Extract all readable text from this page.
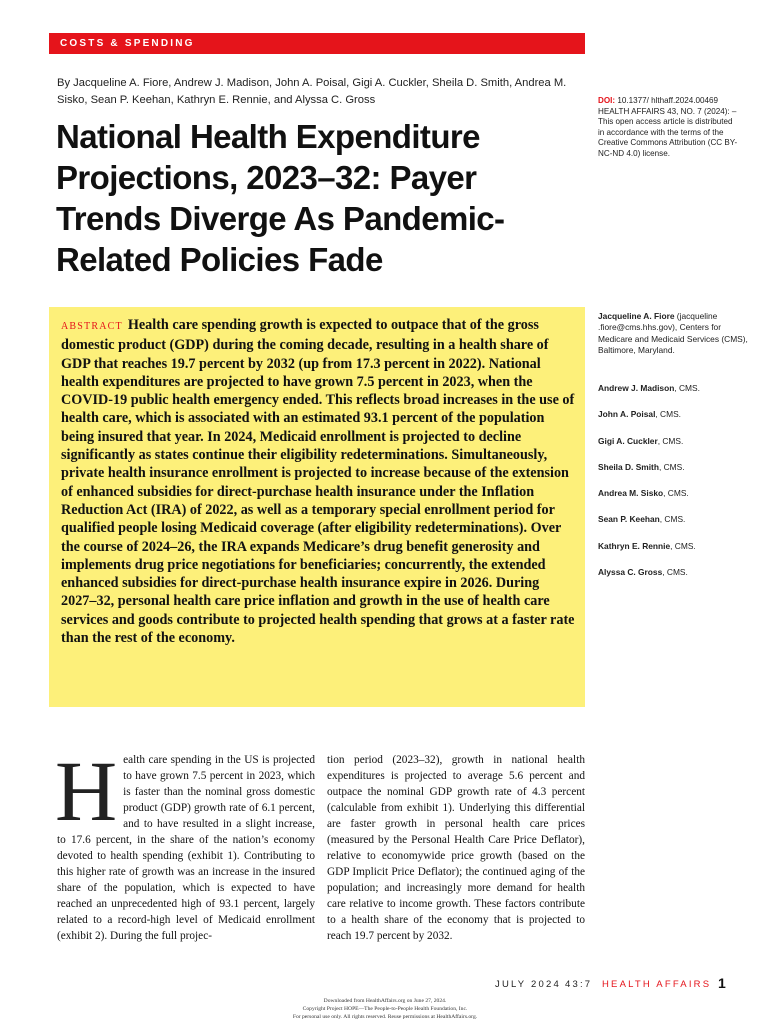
COSTS & SPENDING
By Jacqueline A. Fiore, Andrew J. Madison, John A. Poisal, Gigi A. Cuckler, Sheila D. Smith, Andrea M. Sisko, Sean P. Keehan, Kathryn E. Rennie, and Alyssa C. Gross
National Health Expenditure Projections, 2023–32: Payer Trends Diverge As Pandemic-Related Policies Fade

DOI: 10.1377/ hlthaff.2024.00469

HEALTH AFFAIRS 43, NO. 7 (2024): –

This open access article is distributed in accordance with the terms of the Creative Commons Attribution (CC BY-NC-ND 4.0) license.

ABSTRACT Health care spending growth is expected to outpace that of the gross domestic product (GDP) during the coming decade, resulting in a health share of GDP that reaches 19.7 percent by 2032 (up from 17.3 percent in 2022). National health expenditures are projected to have grown 7.5 percent in 2023, when the COVID-19 public health emergency ended. This reflects broad increases in the use of health care, which is associated with an estimated 93.1 percent of the population being insured that year. In 2024, Medicaid enrollment is projected to decline significantly as states continue their eligibility redeterminations. Simultaneously, private health insurance enrollment is projected to increase because of the extension of enhanced subsidies for direct-purchase health insurance under the Inflation Reduction Act (IRA) of 2022, as well as a temporary special enrollment period for qualified people losing Medicaid coverage (after eligibility redeterminations). Over the course of 2024–26, the IRA expands Medicare’s drug benefit generosity and implements drug price negotiations for beneficiaries; concurrently, the extended enhanced subsidies for direct-purchase health insurance expire in 2026. During 2027–32, personal health care price inflation and growth in the use of health care services and goods contribute to projected health spending that grows at a faster rate than the rest of the economy.

Jacqueline A. Fiore (jacqueline .fiore@cms.hhs.gov), Centers for Medicare and Medicaid Services (CMS), Baltimore, Maryland.
Andrew J. Madison, CMS.
John A. Poisal, CMS.
Gigi A. Cuckler, CMS.
Sheila D. Smith, CMS.
Andrea M. Sisko, CMS.
Sean P. Keehan, CMS.
Kathryn E. Rennie, CMS.
Alyssa C. Gross, CMS.

Health care spending in the US is projected to have grown 7.5 percent in 2023, which is faster than the nominal gross domestic product (GDP) growth rate of 6.1 percent, and to have resulted in a slight increase, to 17.6 percent, in the share of the nation’s economy devoted to health spending (exhibit 1). Contributing to this higher rate of growth was an increase in the insured share of the population, which is expected to have reached an unprecedented high of 93.1 percent, largely related to a record-high level of Medicaid enrollment (exhibit 2). During the full projec-

tion period (2023–32), growth in national health expenditures is projected to average 5.6 percent and outpace the nominal GDP growth rate of 4.3 percent (calculable from exhibit 1). Underlying this differential are faster growth in personal health care prices (measured by the Personal Health Care Price Deflator), relative to economywide price growth (based on the GDP Implicit Price Deflator); the continued aging of the population; and increasingly more demand for health care relative to income growth. These factors contribute to a health share of the economy that is projected to reach 19.7 percent by 2032.

JULY 2024 43:7 HEALTH AFFAIRS 1
Downloaded from HealthAffairs.org on June 27, 2024.
Copyright Project HOPE—The People-to-People Health Foundation, Inc.
For personal use only. All rights reserved. Reuse permissions at HealthAffairs.org.
